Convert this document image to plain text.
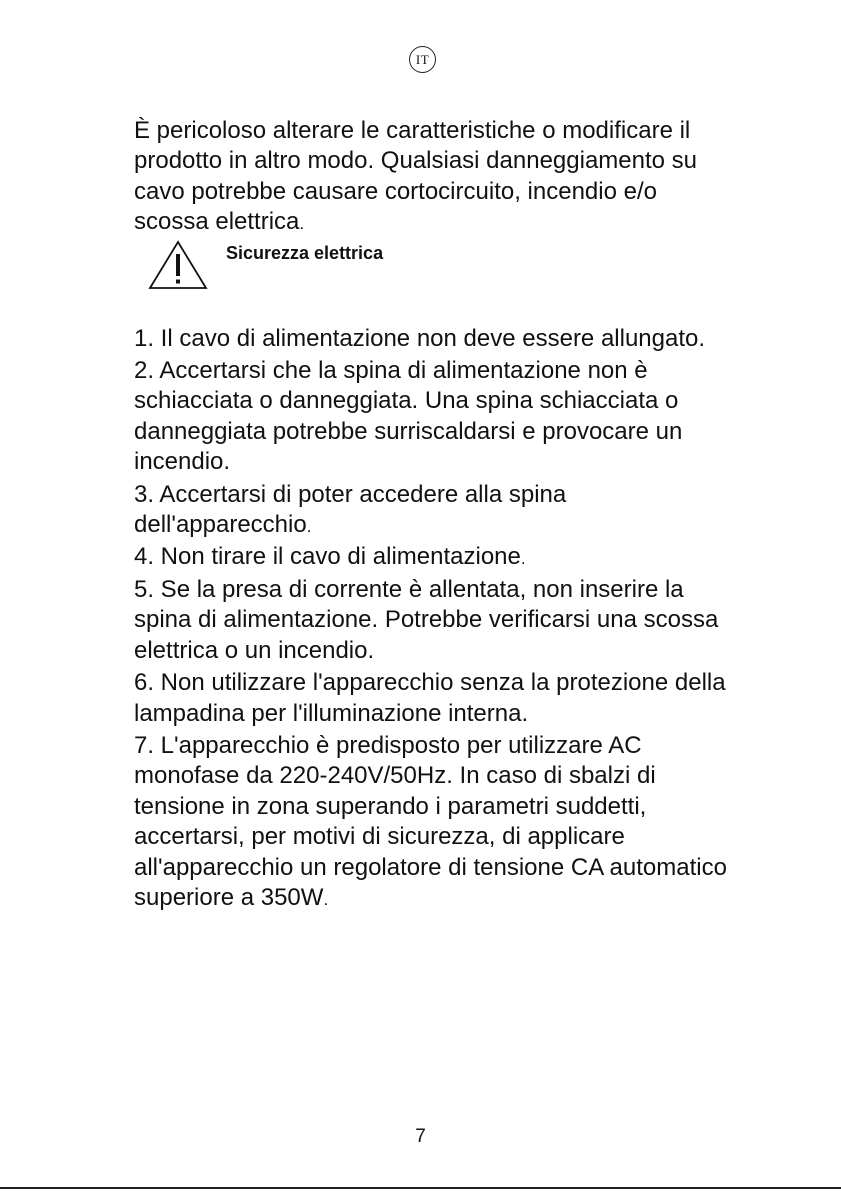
IT

È pericoloso alterare le caratteristiche o modificare il prodotto in altro modo. Qualsiasi danneggiamento su cavo potrebbe causare cortocircuito, incendio e/o scossa elettrica.

Sicurezza elettrica
1. Il cavo di alimentazione non deve essere allungato.
2. Accertarsi che la spina di alimentazione non è schiacciata o danneggiata. Una spina schiacciata o danneggiata potrebbe surriscaldarsi e provocare un incendio.
3. Accertarsi di poter accedere alla spina dell'apparecchio.
4. Non tirare il cavo di alimentazione.
5. Se la presa di corrente è allentata, non inserire la spina di alimentazione. Potrebbe verificarsi una scossa elettrica o un incendio.
6. Non utilizzare l'apparecchio senza la protezione della lampadina per l'illuminazione interna.
7. L'apparecchio è predisposto per utilizzare AC monofase da 220-240V/50Hz. In caso di sbalzi di tensione in zona superando i parametri suddetti, accertarsi, per motivi di sicurezza, di applicare all'apparecchio un regolatore di tensione CA automatico superiore a 350W.
7
